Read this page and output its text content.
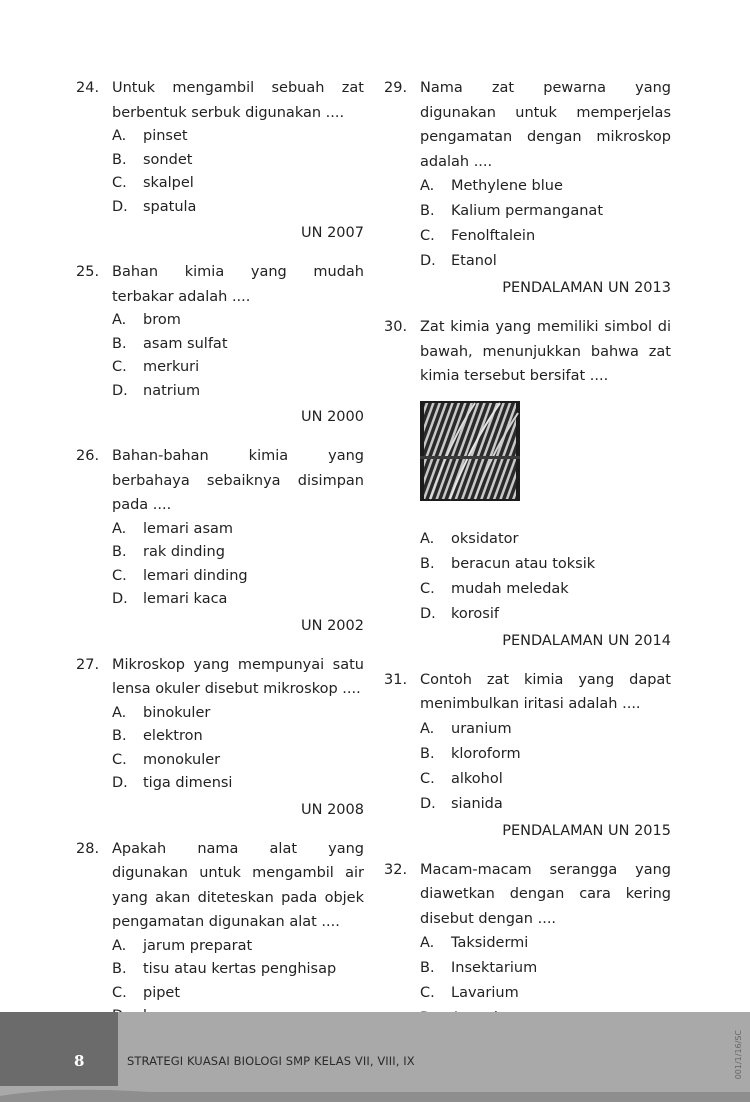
24. Untuk mengambil sebuah zat berbentuk serbuk digunakan ....
A.	pinset
B.	sondet
C.	skalpel
D.	spatula
UN 2007
25. Bahan kimia yang mudah terbakar adalah ....
A.	brom
B.	asam sulfat
C.	merkuri
D.	natrium
UN 2000
26. Bahan-bahan kimia yang berbahaya sebaiknya disimpan pada ....
A.	lemari asam
B.	rak dinding
C.	lemari dinding
D.	lemari kaca
UN 2002
27. Mikroskop yang mempunyai satu lensa okuler disebut mikroskop ....
A.	binokuler
B.	elektron
C.	monokuler
D.	tiga dimensi
UN 2008
28. Apakah nama alat yang digunakan untuk mengambil air yang akan diteteskan pada objek pengamatan digunakan alat ....
A.	jarum preparat
B.	tisu atau kertas penghisap
C.	pipet
29. Nama zat pewarna yang digunakan untuk memperjelas pengamatan dengan mikroskop adalah ....
A.	Methylene blue
B.	Kalium permanganat
C.	Fenolftalein
D.	Etanol
PENDALAMAN UN 2013
30. Zat kimia yang memiliki simbol di bawah, menunjukkan bahwa zat kimia tersebut bersifat ....
A.	oksidator
B.	beracun atau toksik
C.	mudah meledak
D.	korosif
PENDALAMAN UN 2014
31. Contoh zat kimia yang dapat menimbulkan iritasi adalah ....
A.	uranium
B.	kloroform
C.	alkohol
D.	sianida
PENDALAMAN UN 2015
32. Macam-macam serangga yang diawetkan dengan cara kering disebut dengan ....
A.	Taksidermi
B.	Insektarium
C.	Lavarium
8	STRATEGI KUASAI BIOLOGI SMP KELAS VII, VIII, IX	001/1/16/SC
